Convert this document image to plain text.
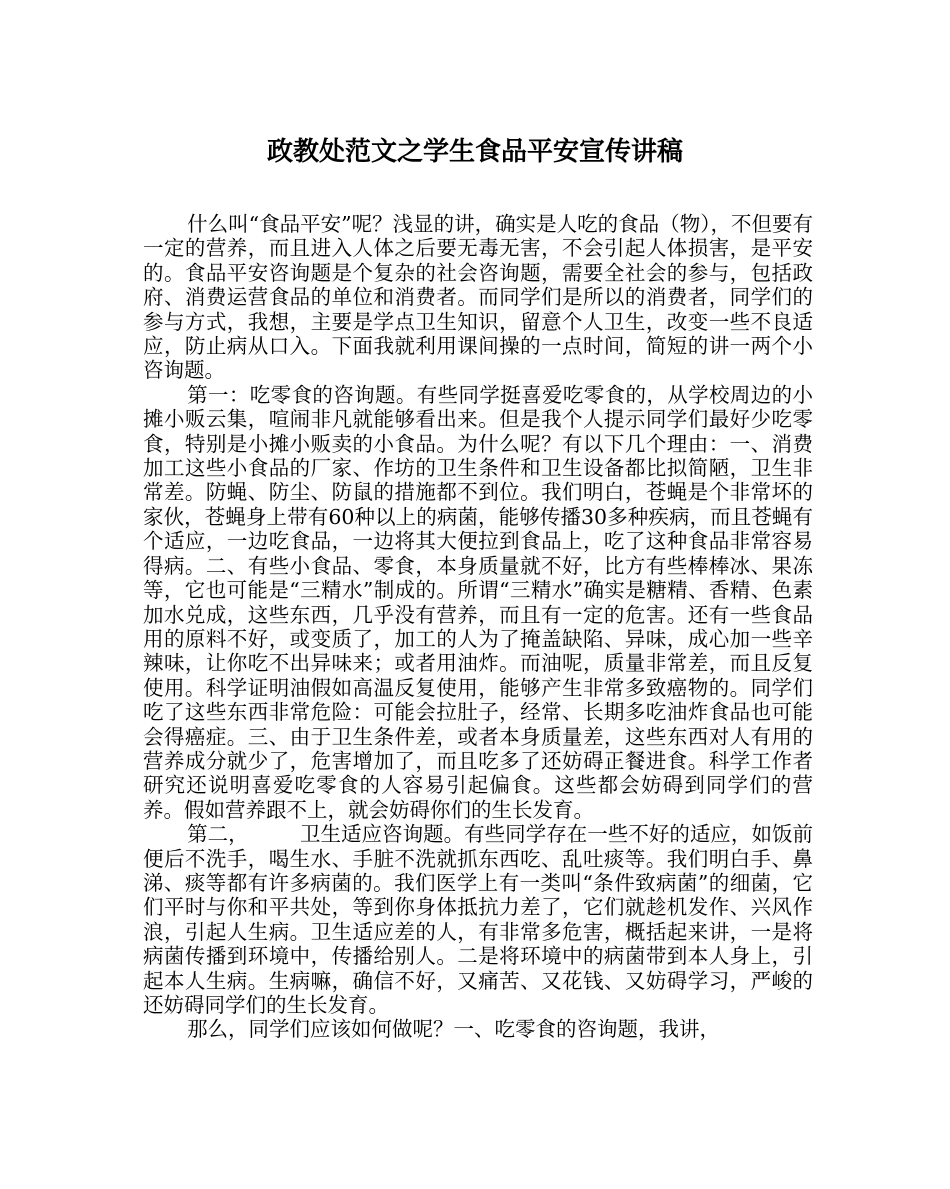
政教处范文之学生食品平安宣传讲稿

什么叫“食品平安”呢？浅显的讲，确实是人吃的食品（物），不但要有一定的营养，而且进入人体之后要无毒无害，不会引起人体损害，是平安的。食品平安咨询题是个复杂的社会咨询题，需要全社会的参与，包括政府、消费运营食品的单位和消费者。而同学们是所以的消费者，同学们的参与方式，我想，主要是学点卫生知识，留意个人卫生，改变一些不良适应，防止病从口入。下面我就利用课间操的一点时间，简短的讲一两个小咨询题。

第一：吃零食的咨询题。有些同学挺喜爱吃零食的，从学校周边的小摊小贩云集，喧闹非凡就能够看出来。但是我个人提示同学们最好少吃零食，特别是小摊小贩卖的小食品。为什么呢？有以下几个理由：一、消费加工这些小食品的厂家、作坊的卫生条件和卫生设备都比拟简陋，卫生非常差。防蝇、防尘、防鼠的措施都不到位。我们明白，苍蝇是个非常坏的家伙，苍蝇身上带有60种以上的病菌，能够传播30多种疾病，而且苍蝇有个适应，一边吃食品，一边将其大便拉到食品上，吃了这种食品非常容易得病。二、有些小食品、零食，本身质量就不好，比方有些棒棒冰、果冻等，它也可能是“三精水”制成的。所谓“三精水”确实是糖精、香精、色素加水兑成，这些东西，几乎没有营养，而且有一定的危害。还有一些食品用的原料不好，或变质了，加工的人为了掩盖缺陷、异味，成心加一些辛辣味，让你吃不出异味来；或者用油炸。而油呢，质量非常差，而且反复使用。科学证明油假如高温反复使用，能够产生非常多致癌物的。同学们吃了这些东西非常危险：可能会拉肚子，经常、长期多吃油炸食品也可能会得癌症。三、由于卫生条件差，或者本身质量差，这些东西对人有用的营养成分就少了，危害增加了，而且吃多了还妨碍正餐进食。科学工作者研究还说明喜爱吃零食的人容易引起偏食。这些都会妨碍到同学们的营养。假如营养跟不上，就会妨碍你们的生长发育。

第二，　　　卫生适应咨询题。有些同学存在一些不好的适应，如饭前便后不洗手，喝生水、手脏不洗就抓东西吃、乱吐痰等。我们明白手、鼻涕、痰等都有许多病菌的。我们医学上有一类叫“条件致病菌”的细菌，它们平时与你和平共处，等到你身体抵抗力差了，它们就趁机发作、兴风作浪，引起人生病。卫生适应差的人，有非常多危害，概括起来讲，一是将病菌传播到环境中，传播给别人。二是将环境中的病菌带到本人身上，引起本人生病。生病嘛，确信不好，又痛苦、又花钱、又妨碍学习，严峻的还妨碍同学们的生长发育。

那么，同学们应该如何做呢？一、吃零食的咨询题，我讲，
